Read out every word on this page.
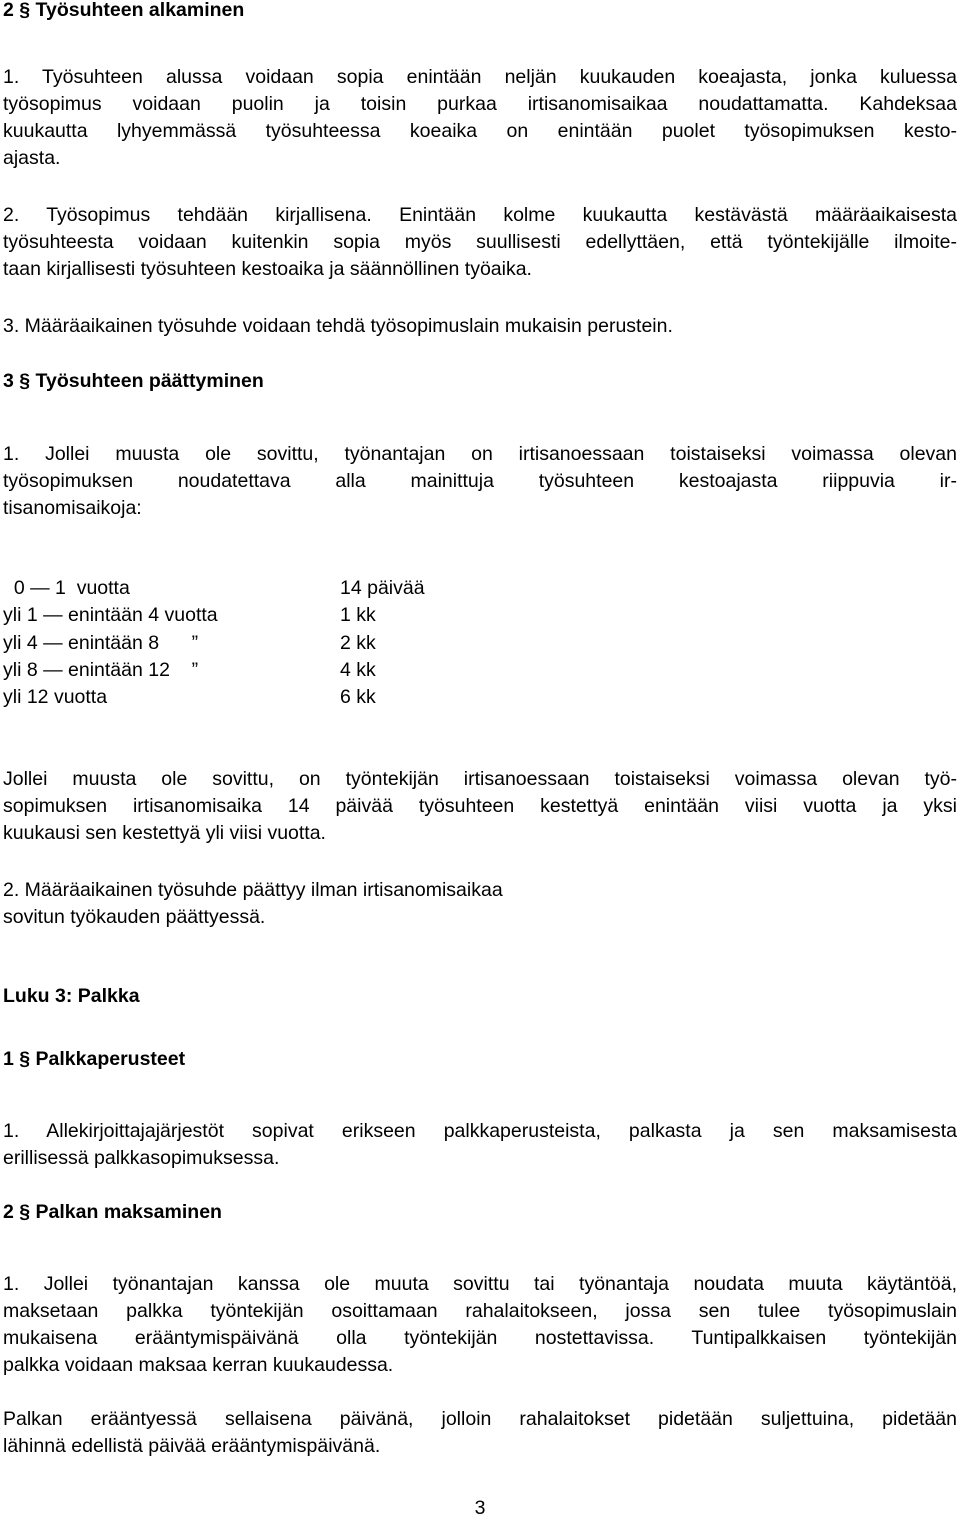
2 § Työsuhteen alkaminen
1. Työsuhteen alussa voidaan sopia enintään neljän kuukauden koeajasta, jonka kuluessa
työsopimus voidaan puolin ja toisin purkaa irtisanomisaikaa noudattamatta. Kahdeksaa
kuukautta lyhyemmässä työsuhteessa koeaika on enintään puolet työsopimuksen kesto-
ajasta.
2. Työsopimus tehdään kirjallisena. Enintään kolme kuukautta kestävästä määräaikaisesta
työsuhteesta voidaan kuitenkin sopia myös suullisesti edellyttäen, että työntekijälle ilmoite-
taan kirjallisesti työsuhteen kestoaika ja säännöllinen työaika.
3. Määräaikainen työsuhde voidaan tehdä työsopimuslain mukaisin perustein.
3 § Työsuhteen päättyminen
1. Jollei muusta ole sovittu, työnantajan on irtisanoessaan toistaiseksi voimassa olevan
työsopimuksen noudatettava alla mainittuja työsuhteen kestoajasta riippuvia ir-
tisanomisaikoja:
0 — 1  vuotta	14 päivää
yli 1 — enintään 4 vuotta	1 kk
yli 4 — enintään 8      ”	2 kk
yli 8 — enintään 12    ”	4 kk
yli 12 vuotta	6 kk
Jollei muusta ole sovittu, on työntekijän irtisanoessaan toistaiseksi voimassa olevan työ-
sopimuksen irtisanomisaika 14 päivää työsuhteen kestettyä enintään viisi vuotta ja yksi
kuukausi sen kestettyä yli viisi vuotta.
2. Määräaikainen työsuhde päättyy ilman irtisanomisaikaa
sovitun työkauden päättyessä.
Luku 3: Palkka
1 § Palkkaperusteet
1. Allekirjoittajajärjestöt sopivat erikseen palkkaperusteista, palkasta ja sen maksamisesta
erillisessä palkkasopimuksessa.
2 § Palkan maksaminen
1. Jollei työnantajan kanssa ole muuta sovittu tai työnantaja noudata muuta käytäntöä,
maksetaan palkka työntekijän osoittamaan rahalaitokseen, jossa sen tulee työsopimuslain
mukaisena erääntymispäivänä olla työntekijän nostettavissa. Tuntipalkkaisen työntekijän
palkka voidaan maksaa kerran kuukaudessa.
Palkan erääntyessä sellaisena päivänä, jolloin rahalaitokset pidetään suljettuina, pidetään
lähinnä edellistä päivää erääntymispäivänä.
3
